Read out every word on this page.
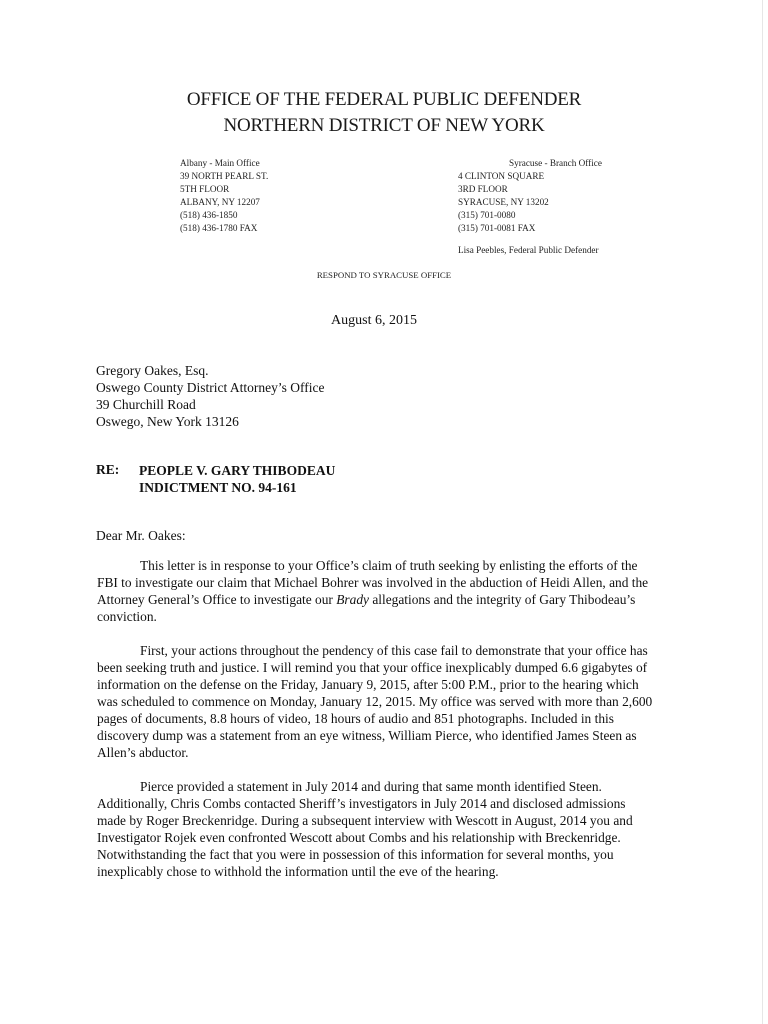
OFFICE OF THE FEDERAL PUBLIC DEFENDER
NORTHERN DISTRICT OF NEW YORK
Albany - Main Office
39 NORTH PEARL ST.
5TH FLOOR
ALBANY, NY 12207
(518) 436-1850
(518) 436-1780 FAX
Syracuse - Branch Office
4 CLINTON SQUARE
3RD FLOOR
SYRACUSE, NY 13202
(315) 701-0080
(315) 701-0081 FAX
Lisa Peebles, Federal Public Defender
RESPOND TO SYRACUSE OFFICE
August 6, 2015
Gregory Oakes, Esq.
Oswego County District Attorney’s Office
39 Churchill Road
Oswego, New York 13126
RE: PEOPLE V. GARY THIBODEAU
INDICTMENT NO. 94-161
Dear Mr. Oakes:
This letter is in response to your Office’s claim of truth seeking by enlisting the efforts of the FBI to investigate our claim that Michael Bohrer was involved in the abduction of Heidi Allen, and the Attorney General’s Office to investigate our Brady allegations and the integrity of Gary Thibodeau’s conviction.
First, your actions throughout the pendency of this case fail to demonstrate that your office has been seeking truth and justice. I will remind you that your office inexplicably dumped 6.6 gigabytes of information on the defense on the Friday, January 9, 2015, after 5:00 P.M., prior to the hearing which was scheduled to commence on Monday, January 12, 2015. My office was served with more than 2,600 pages of documents, 8.8 hours of video, 18 hours of audio and 851 photographs. Included in this discovery dump was a statement from an eye witness, William Pierce, who identified James Steen as Allen’s abductor.
Pierce provided a statement in July 2014 and during that same month identified Steen. Additionally, Chris Combs contacted Sheriff’s investigators in July 2014 and disclosed admissions made by Roger Breckenridge. During a subsequent interview with Wescott in August, 2014 you and Investigator Rojek even confronted Wescott about Combs and his relationship with Breckenridge. Notwithstanding the fact that you were in possession of this information for several months, you inexplicably chose to withhold the information until the eve of the hearing.
